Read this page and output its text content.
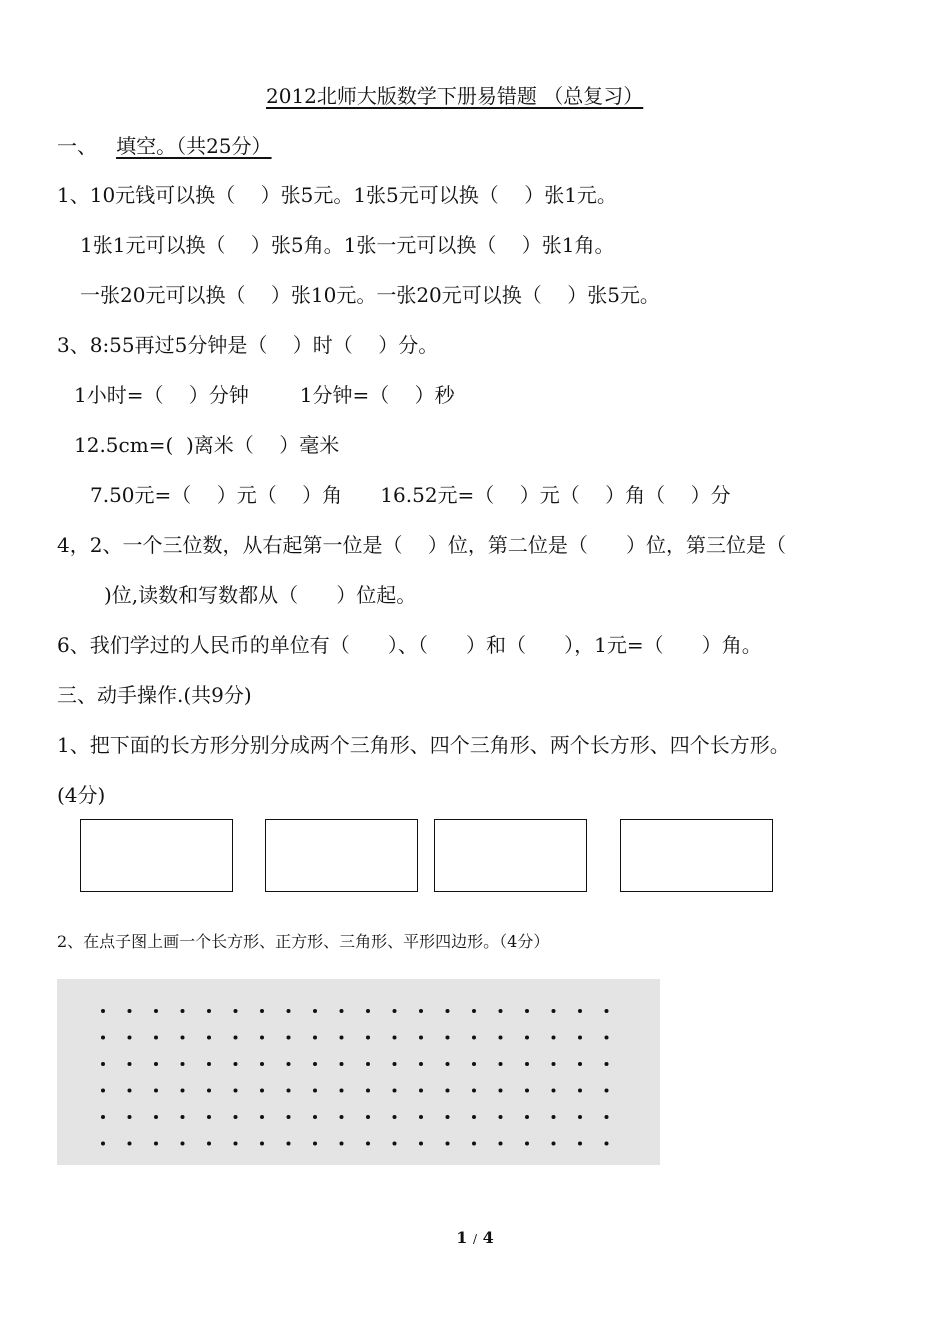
2012北师大版数学下册易错题 （总复习）
一、 填空。（共25分）
1、10元钱可以换（    ）张5元。1张5元可以换（    ）张1元。
1张1元可以换（    ）张5角。1张一元可以换（    ）张1角。
一张20元可以换（    ）张10元。一张20元可以换（    ）张5元。
3、8:55再过5分钟是（    ）时（    ）分。
1小时=（    ）分钟        1分钟=（    ）秒
12.5cm=(  )离米（    ）毫米
7.50元=（    ）元（    ）角      16.52元=（    ）元（    ）角（    ）分
4，2、一个三位数，从右起第一位是（    ）位，第二位是（      ）位，第三位是（
)位,读数和写数都从（      ）位起。
6、我们学过的人民币的单位有（      ）、（      ）和（      ），1元=（      ）角。
三、动手操作.(共9分)
1、把下面的长方形分别分成两个三角形、四个三角形、两个长方形、四个长方形。
(4分)
2、在点子图上画一个长方形、正方形、三角形、平形四边形。（4分）
1 / 4
